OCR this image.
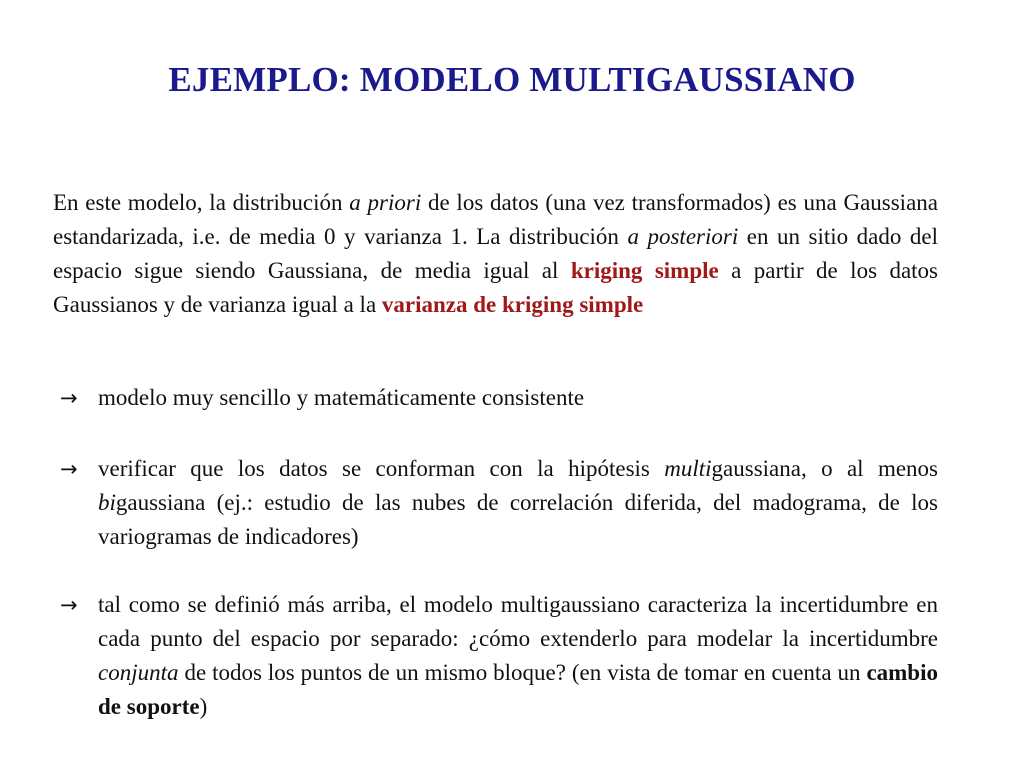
EJEMPLO: MODELO MULTIGAUSSIANO
En este modelo, la distribución a priori de los datos (una vez transformados) es una Gaussiana estandarizada, i.e. de media 0 y varianza 1. La distribución a posteriori en un sitio dado del espacio sigue siendo Gaussiana, de media igual al kriging simple a partir de los datos Gaussianos y de varianza igual a la varianza de kriging simple
→ modelo muy sencillo y matemáticamente consistente
→ verificar que los datos se conforman con la hipótesis multigaussiana, o al menos bigaussiana (ej.: estudio de las nubes de correlación diferida, del madograma, de los variogramas de indicadores)
→ tal como se definió más arriba, el modelo multigaussiano caracteriza la incertidumbre en cada punto del espacio por separado: ¿cómo extenderlo para modelar la incertidumbre conjunta de todos los puntos de un mismo bloque? (en vista de tomar en cuenta un cambio de soporte)
